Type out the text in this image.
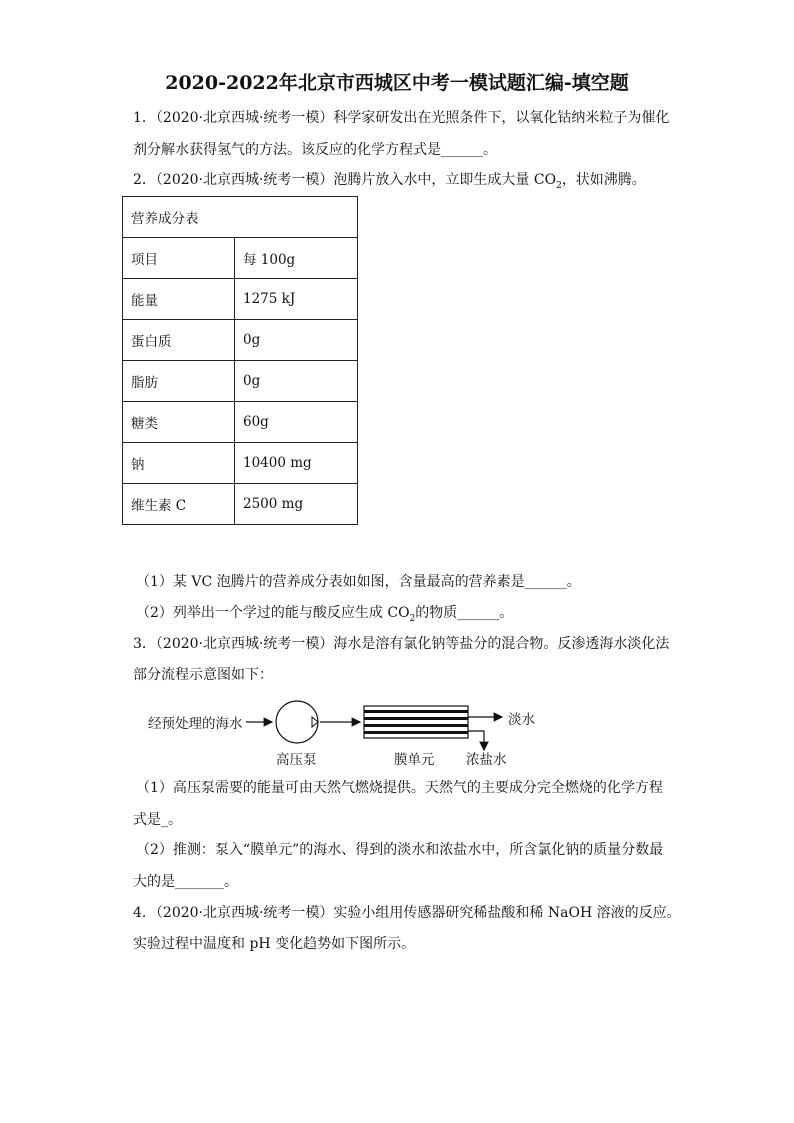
2020-2022年北京市西城区中考一模试题汇编-填空题
1．（2020·北京西城·统考一模）科学家研发出在光照条件下，以氧化钴纳米粒子为催化
剂分解水获得氢气的方法。该反应的化学方程式是______。
2．（2020·北京西城·统考一模）泡腾片放入水中，立即生成大量 $CO_2$，状如沸腾。
营养成分表	
项目	每 100g
能量	1275 kJ
蛋白质	0g
脂肪	0g
糖类	60g
钠	10400 mg
维生素 C	2500 mg
（1）某 VC 泡腾片的营养成分表如如图，含量最高的营养素是______。
（2）列举出一个学过的能与酸反应生成 $CO_2$的物质______。
3．（2020·北京西城·统考一模）海水是溶有氯化钠等盐分的混合物。反渗透海水淡化法
部分流程示意图如下：
经预处理的海水	淡水
高压泵	膜单元 浓盐水
（1）高压泵需要的能量可由天然气燃烧提供。天然气的主要成分完全燃烧的化学方程
式是_。
（2）推测：泵入“膜单元”的海水、得到的淡水和浓盐水中，所含氯化钠的质量分数最
大的是_______。
4．（2020·北京西城·统考一模）实验小组用传感器研究稀盐酸和稀 NaOH 溶液的反应。
实验过程中温度和 pH 变化趋势如下图所示。
